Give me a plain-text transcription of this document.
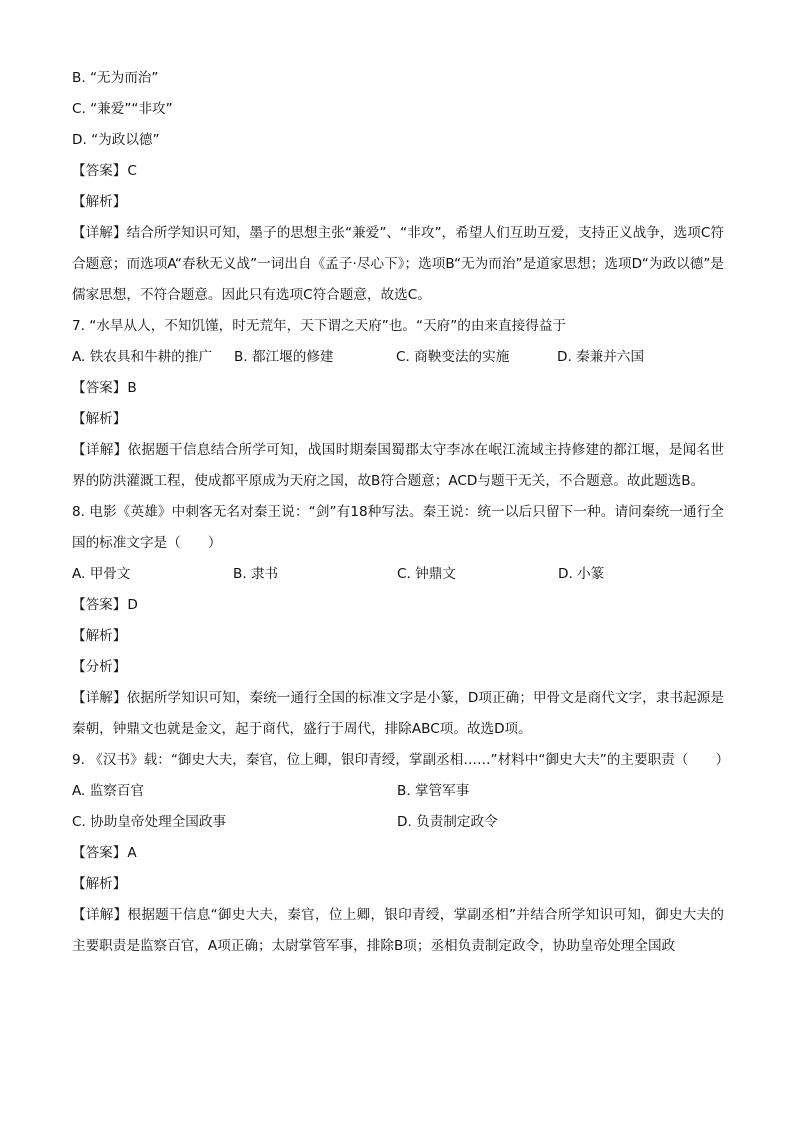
B. “无为而治”
C. “兼爱”“非攻”
D. “为政以德”
【答案】C
【解析】
【详解】结合所学知识可知，墨子的思想主张“兼爱”、“非攻”，希望人们互助互爱，支持正义战争，选项C符合题意；而选项A“春秋无义战”一词出自《孟子·尽心下》；选项B“无为而治”是道家思想；选项D“为政以德”是儒家思想，不符合题意。因此只有选项C符合题意，故选C。
7. “水旱从人，不知饥馑，时无荒年，天下谓之天府”也。“天府”的由来直接得益于
A. 铁农具和牛耕的推广	B. 都江堰的修建	C. 商鞅变法的实施	D. 秦兼并六国
【答案】B
【解析】
【详解】依据题干信息结合所学可知，战国时期秦国蜀郡太守李冰在岷江流域主持修建的都江堰，是闻名世界的防洪灌溉工程，使成都平原成为天府之国，故B符合题意；ACD与题干无关，不合题意。故此题选B。
8. 电影《英雄》中刺客无名对秦王说：“剑”有18种写法。秦王说：统一以后只留下一种。请问秦统一通行全国的标准文字是（　　）
A. 甲骨文	B. 隶书	C. 钟鼎文	D. 小篆
【答案】D
【解析】
【分析】
【详解】依据所学知识可知，秦统一通行全国的标准文字是小篆，D项正确；甲骨文是商代文字，隶书起源是秦朝，钟鼎文也就是金文，起于商代，盛行于周代，排除ABC项。故选D项。
9. 《汉书》载：“御史大夫，秦官，位上卿，银印青绶，掌副丞相……”材料中“御史大夫”的主要职责（　　）
A. 监察百官	B. 掌管军事
C. 协助皇帝处理全国政事	D. 负责制定政令
【答案】A
【解析】
【详解】根据题干信息“御史大夫，秦官，位上卿，银印青绶，掌副丞相”并结合所学知识可知，御史大夫的主要职责是监察百官，A项正确；太尉掌管军事，排除B项；丞相负责制定政令，协助皇帝处理全国政
